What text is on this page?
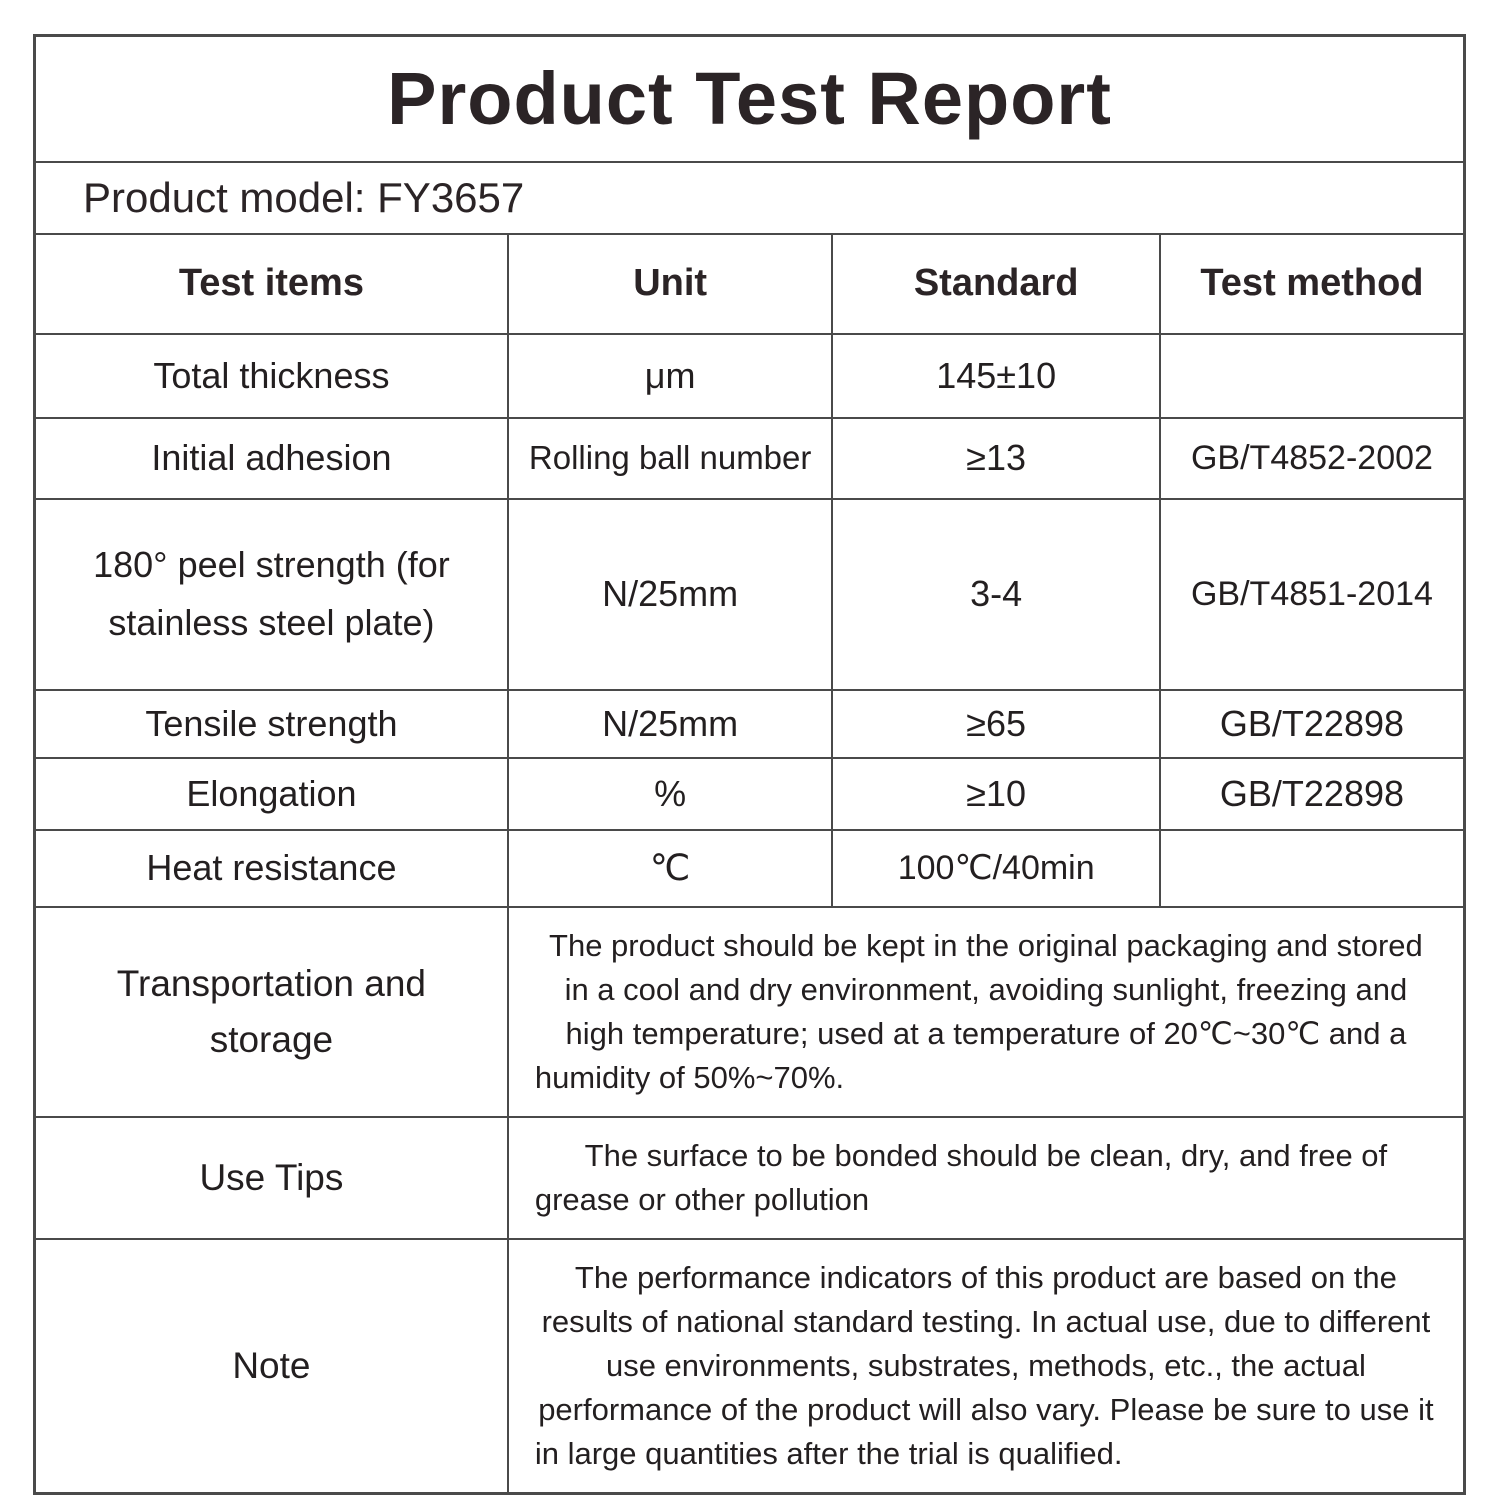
Product Test Report			

Product model: FY3657			

Test items	Unit	Standard	Test method
Total thickness	μm	145±10	
Initial adhesion	Rolling ball number	≥13	GB/T4852-2002
180° peel strength (for stainless steel plate)	N/25mm	3-4	GB/T4851-2014
Tensile strength	N/25mm	≥65	GB/T22898
Elongation	%	≥10	GB/T22898
Heat resistance	℃	100℃/40min	
Transportation and storage	The product should be kept in the original packaging and stored in a cool and dry environment, avoiding sunlight, freezing and high temperature; used at a temperature of 20℃~30℃ and a humidity of 50%~70%.		
Use Tips	The surface to be bonded should be clean, dry, and free of grease or other pollution		
Note	The performance indicators of this product are based on the results of national standard testing. In actual use, due to different use environments, substrates, methods, etc., the actual performance of the product will also vary. Please be sure to use it in large quantities after the trial is qualified.		
